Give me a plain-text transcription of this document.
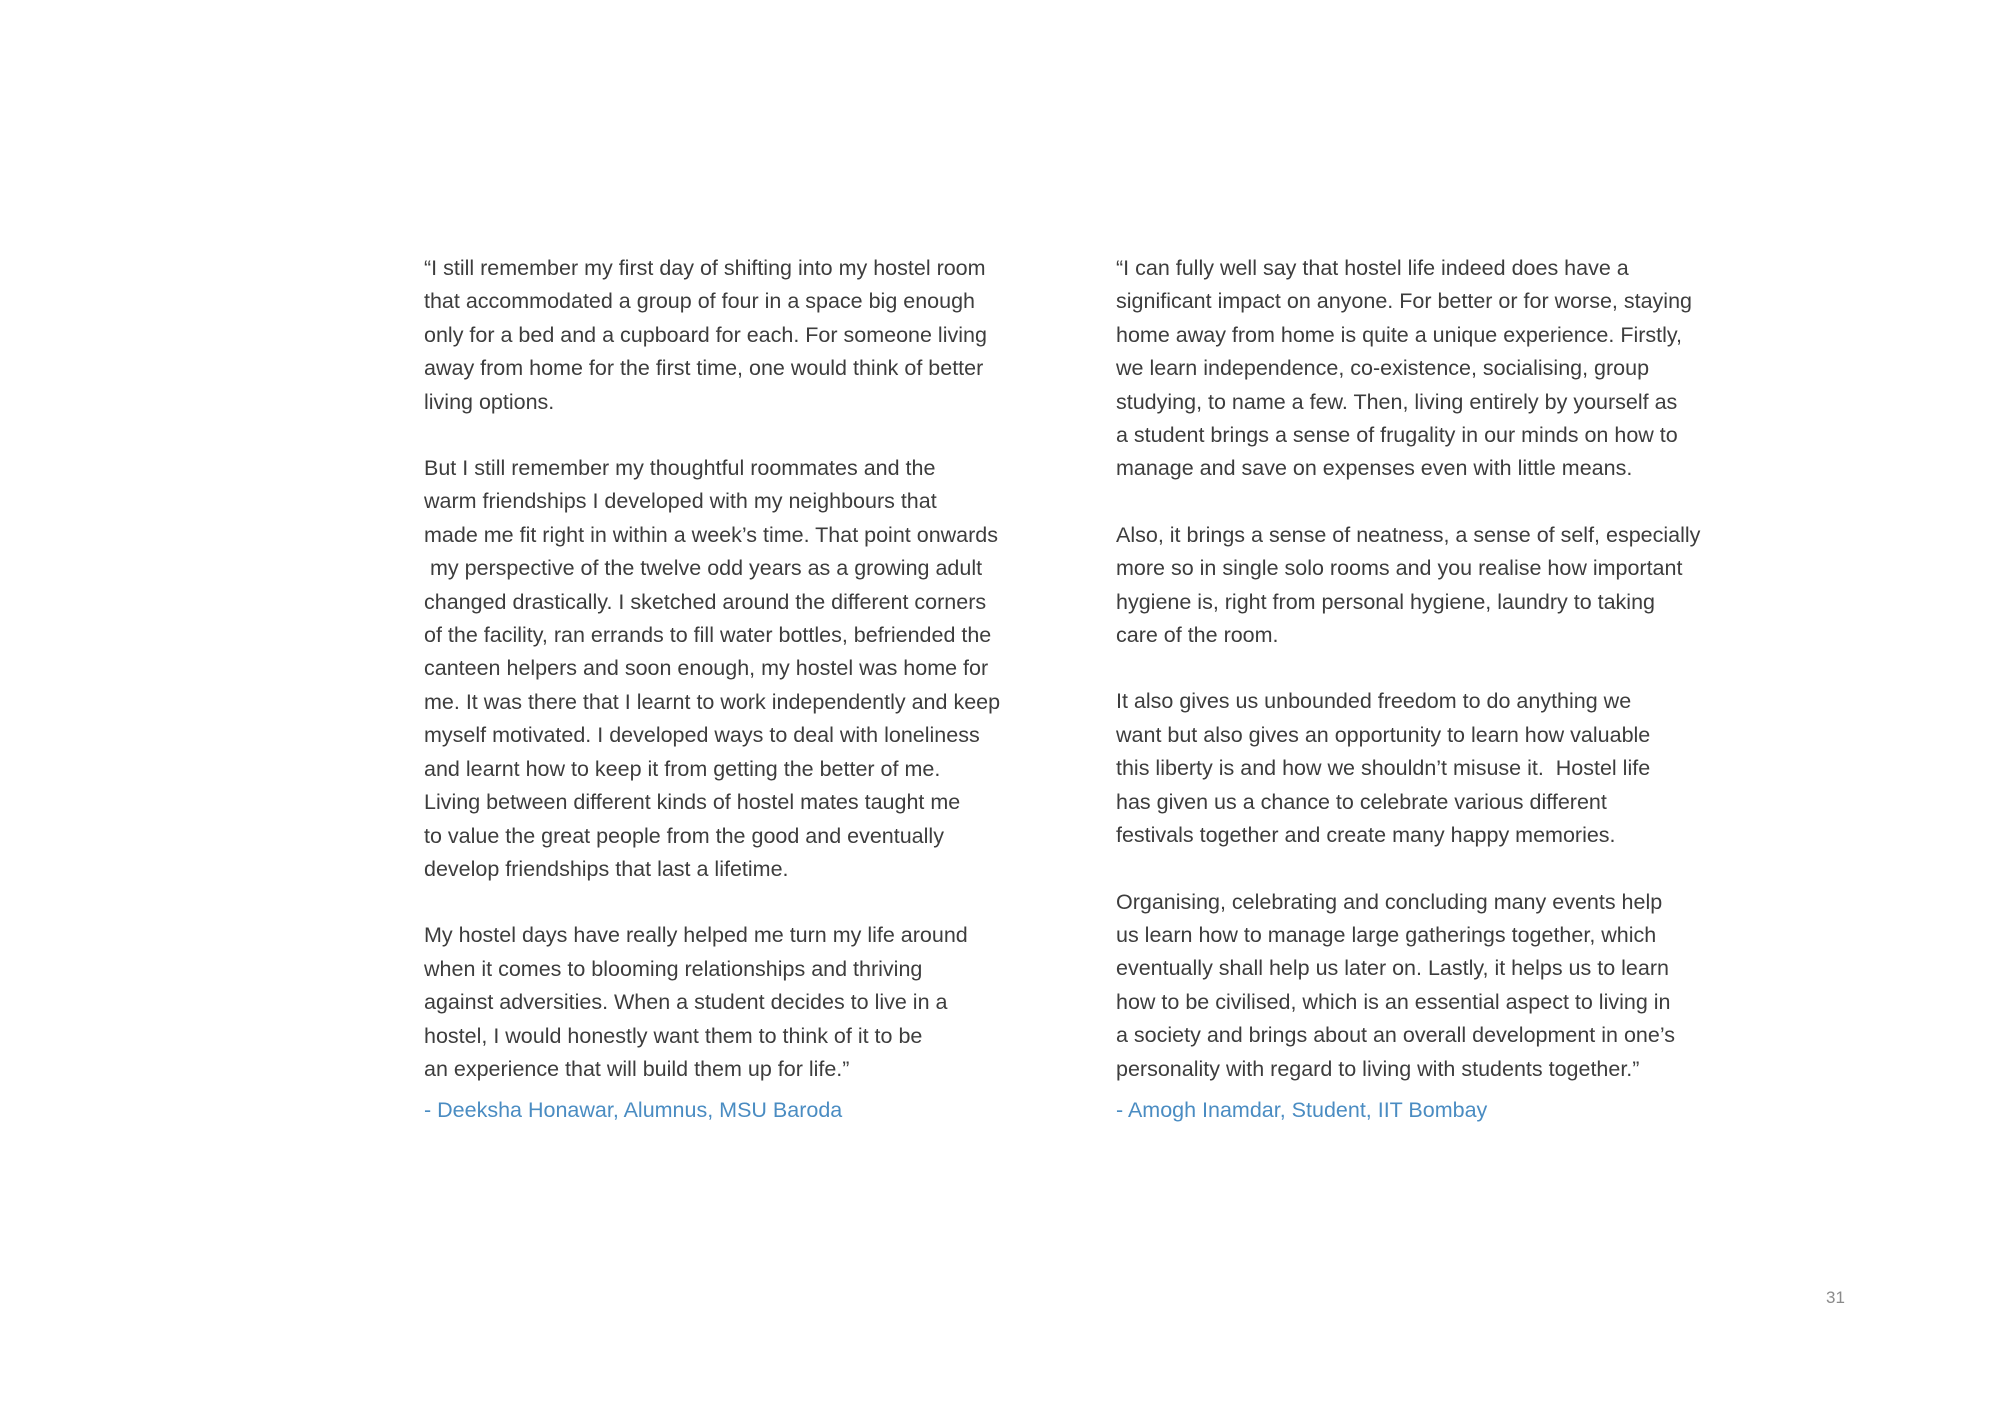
“I still remember my first day of shifting into my hostel room
that accommodated a group of four in a space big enough
only for a bed and a cupboard for each. For someone living
away from home for the first time, one would think of better
living options.

But I still remember my thoughtful roommates and the
warm friendships I developed with my neighbours that
made me fit right in within a week’s time. That point onwards
my perspective of the twelve odd years as a growing adult
changed drastically. I sketched around the different corners
of the facility, ran errands to fill water bottles, befriended the
canteen helpers and soon enough, my hostel was home for
me. It was there that I learnt to work independently and keep
myself motivated. I developed ways to deal with loneliness
and learnt how to keep it from getting the better of me.
Living between different kinds of hostel mates taught me
to value the great people from the good and eventually
develop friendships that last a lifetime.

My hostel days have really helped me turn my life around
when it comes to blooming relationships and thriving
against adversities. When a student decides to live in a
hostel, I would honestly want them to think of it to be
an experience that will build them up for life.”

- Deeksha Honawar, Alumnus, MSU Baroda

“I can fully well say that hostel life indeed does have a
significant impact on anyone. For better or for worse, staying
home away from home is quite a unique experience. Firstly,
we learn independence, co-existence, socialising, group
studying, to name a few. Then, living entirely by yourself as
a student brings a sense of frugality in our minds on how to
manage and save on expenses even with little means.

Also, it brings a sense of neatness, a sense of self, especially
more so in single solo rooms and you realise how important
hygiene is, right from personal hygiene, laundry to taking
care of the room.

It also gives us unbounded freedom to do anything we
want but also gives an opportunity to learn how valuable
this liberty is and how we shouldn’t misuse it.  Hostel life
has given us a chance to celebrate various different
festivals together and create many happy memories.

Organising, celebrating and concluding many events help
us learn how to manage large gatherings together, which
eventually shall help us later on. Lastly, it helps us to learn
how to be civilised, which is an essential aspect to living in
a society and brings about an overall development in one’s
personality with regard to living with students together.”

- Amogh Inamdar, Student, IIT Bombay
31
